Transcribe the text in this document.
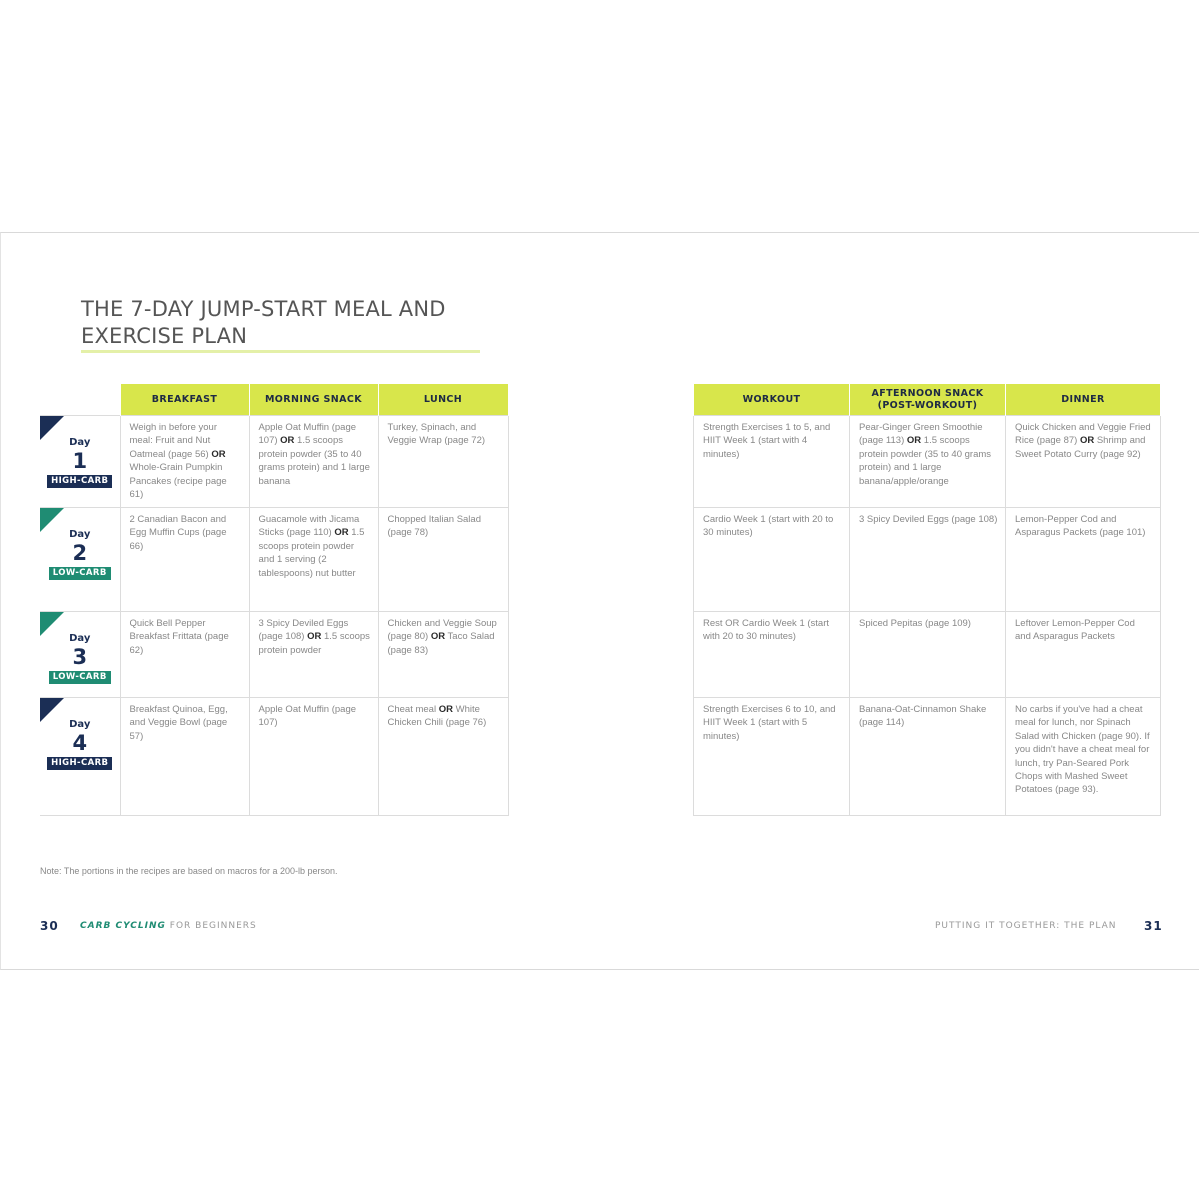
THE 7-DAY JUMP-START MEAL AND EXERCISE PLAN
	BREAKFAST	MORNING SNACK	LUNCH

Day
1
HIGH-CARB	Weigh in before your meal: Fruit and Nut Oatmeal (page 56) OR Whole-Grain Pumpkin Pancakes (recipe page 61)	Apple Oat Muffin (page 107) OR 1.5 scoops protein powder (35 to 40 grams protein) and 1 large banana	Turkey, Spinach, and Veggie Wrap (page 72)

Day
2
LOW-CARB	2 Canadian Bacon and Egg Muffin Cups (page 66)	Guacamole with Jicama Sticks (page 110) OR 1.5 scoops protein powder and 1 serving (2 tablespoons) nut butter	Chopped Italian Salad (page 78)

Day
3
LOW-CARB	Quick Bell Pepper Breakfast Frittata (page 62)	3 Spicy Deviled Eggs (page 108) OR 1.5 scoops protein powder	Chicken and Veggie Soup (page 80) OR Taco Salad (page 83)

Day
4
HIGH-CARB	Breakfast Quinoa, Egg, and Veggie Bowl (page 57)	Apple Oat Muffin (page 107)	Cheat meal OR White Chicken Chili (page 76)
WORKOUT	AFTERNOON SNACK (POST-WORKOUT)	DINNER
Strength Exercises 1 to 5, and HIIT Week 1 (start with 4 minutes)	Pear-Ginger Green Smoothie (page 113) OR 1.5 scoops protein powder (35 to 40 grams protein) and 1 large banana/apple/orange	Quick Chicken and Veggie Fried Rice (page 87) OR Shrimp and Sweet Potato Curry (page 92)
Cardio Week 1 (start with 20 to 30 minutes)	3 Spicy Deviled Eggs (page 108)	Lemon-Pepper Cod and Asparagus Packets (page 101)
Rest OR Cardio Week 1 (start with 20 to 30 minutes)	Spiced Pepitas (page 109)	Leftover Lemon-Pepper Cod and Asparagus Packets
Strength Exercises 6 to 10, and HIIT Week 1 (start with 5 minutes)	Banana-Oat-Cinnamon Shake (page 114)	No carbs if you've had a cheat meal for lunch, nor Spinach Salad with Chicken (page 90). If you didn't have a cheat meal for lunch, try Pan-Seared Pork Chops with Mashed Sweet Potatoes (page 93).
Note: The portions in the recipes are based on macros for a 200-lb person.
30 CARB CYCLING FOR BEGINNERS	PUTTING IT TOGETHER: THE PLAN 31
